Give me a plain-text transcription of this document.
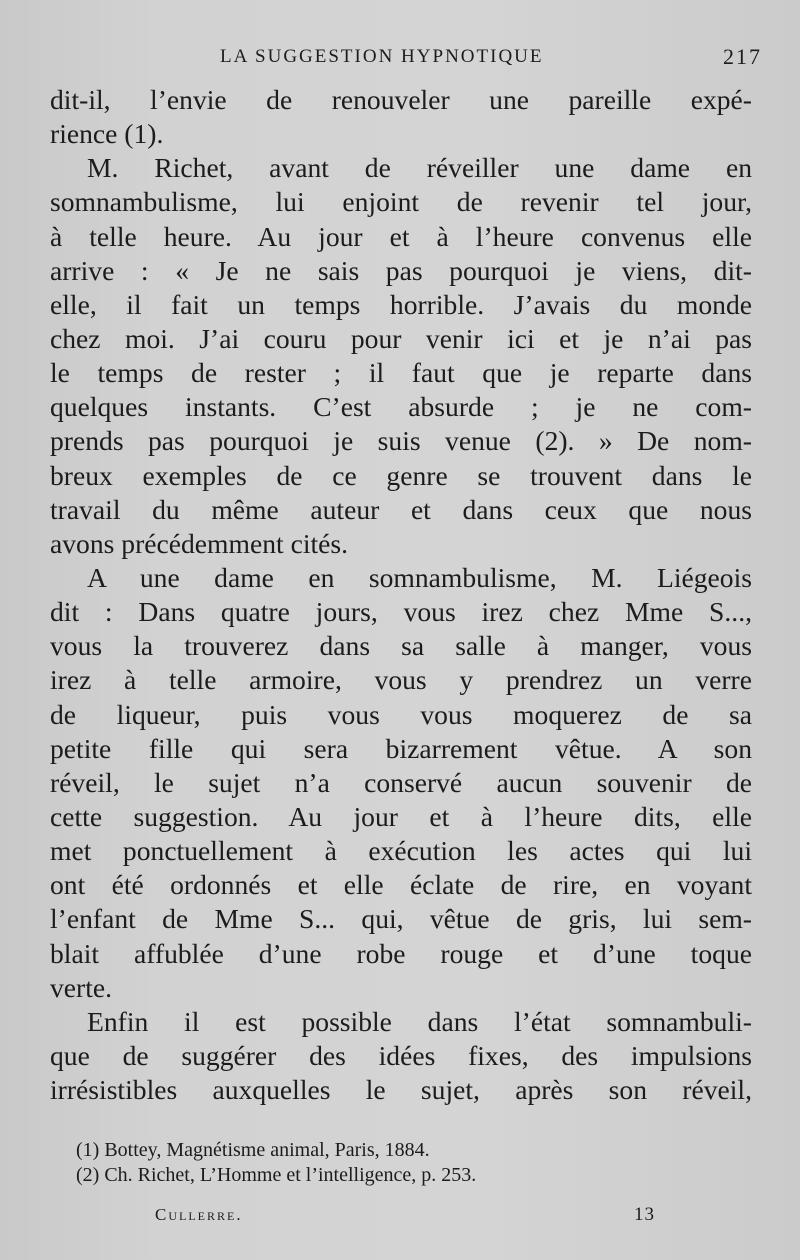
LA SUGGESTION HYPNOTIQUE	217
dit-il, l’envie de renouveler une pareille expé-
rience (1).
M. Richet, avant de réveiller une dame en
somnambulisme, lui enjoint de revenir tel jour,
à telle heure. Au jour et à l’heure convenus elle
arrive : « Je ne sais pas pourquoi je viens, dit-
elle, il fait un temps horrible. J’avais du monde
chez moi. J’ai couru pour venir ici et je n’ai pas
le temps de rester ; il faut que je reparte dans
quelques instants. C’est absurde ; je ne com-
prends pas pourquoi je suis venue (2). » De nom-
breux exemples de ce genre se trouvent dans le
travail du même auteur et dans ceux que nous
avons précédemment cités.
A une dame en somnambulisme, M. Liégeois
dit : Dans quatre jours, vous irez chez Mme S...,
vous la trouverez dans sa salle à manger, vous
irez à telle armoire, vous y prendrez un verre
de liqueur, puis vous vous moquerez de sa
petite fille qui sera bizarrement vêtue. A son
réveil, le sujet n’a conservé aucun souvenir de
cette suggestion. Au jour et à l’heure dits, elle
met ponctuellement à exécution les actes qui lui
ont été ordonnés et elle éclate de rire, en voyant
l’enfant de Mme S... qui, vêtue de gris, lui sem-
blait affublée d’une robe rouge et d’une toque
verte.
Enfin il est possible dans l’état somnambuli-
que de suggérer des idées fixes, des impulsions
irrésistibles auxquelles le sujet, après son réveil,
(1) Bottey, Magnétisme animal, Paris, 1884.
(2) Ch. Richet, L’Homme et l’intelligence, p. 253.
Cullerre.	13
